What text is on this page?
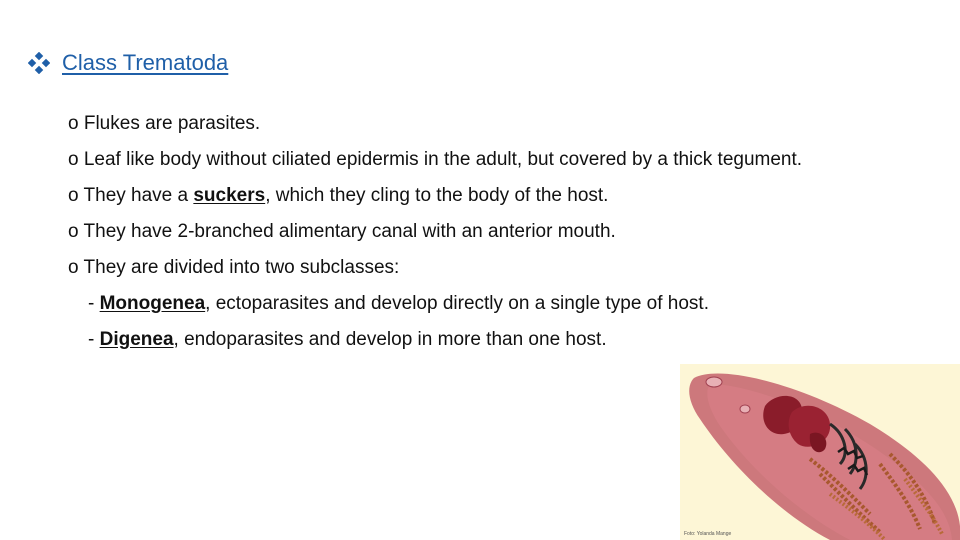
Class Trematoda
o Flukes are parasites.
o Leaf like body without ciliated epidermis in the adult, but covered by a thick tegument.
o They have a suckers, which they cling to the body of the host.
o They have 2-branched alimentary canal with an anterior mouth.
o They are divided into two subclasses:
- Monogenea, ectoparasites and develop directly on a single type of host.
- Digenea, endoparasites and develop in more than one host.
Foto: Yolanda Mange
